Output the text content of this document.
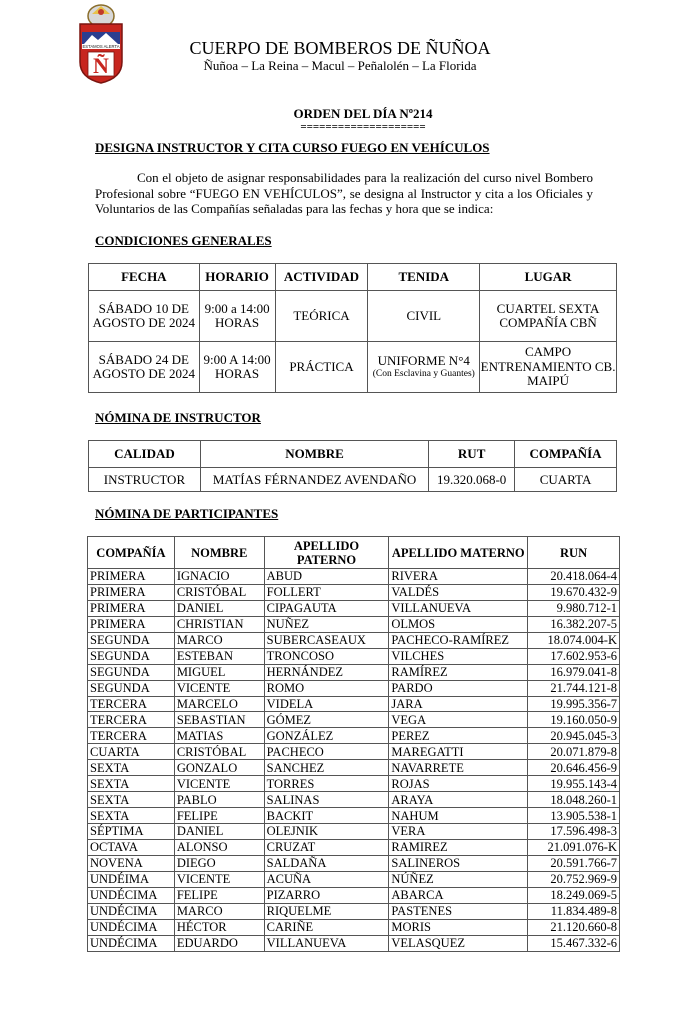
ESTAMOS ALERTA
Ñ
CUERPO DE BOMBEROS DE ÑUÑOA
Ñuñoa – La Reina – Macul – Peñalolén – La Florida
ORDEN DEL DÍA Nº214
====================
DESIGNA INSTRUCTOR Y CITA CURSO FUEGO EN VEHÍCULOS
Con el objeto de asignar responsabilidades para la realización del curso nivel Bombero Profesional sobre “FUEGO EN VEHÍCULOS”, se designa al Instructor y cita a los Oficiales y Voluntarios de las Compañías señaladas para las fechas y hora que se indica:
CONDICIONES GENERALES
FECHA	HORARIO	ACTIVIDAD	TENIDA	LUGAR
SÁBADO 10 DE AGOSTO DE 2024	9:00 a 14:00 HORAS	TEÓRICA	CIVIL	CUARTEL SEXTA COMPAÑÍA CBÑ
SÁBADO 24 DE AGOSTO DE 2024	9:00 A 14:00 HORAS	PRÁCTICA	UNIFORME N°4
(Con Esclavina y Guantes)	CAMPO ENTRENAMIENTO CB. MAIPÚ
NÓMINA DE INSTRUCTOR
CALIDAD	NOMBRE	RUT	COMPAÑÍA
INSTRUCTOR	MATÍAS FÉRNANDEZ AVENDAÑO	19.320.068-0	CUARTA
NÓMINA DE PARTICIPANTES
COMPAÑÍA	NOMBRE	APELLIDO PATERNO	APELLIDO MATERNO	RUN
PRIMERA	IGNACIO	ABUD	RIVERA	20.418.064-4
PRIMERA	CRISTÓBAL	FOLLERT	VALDÉS	19.670.432-9
PRIMERA	DANIEL	CIPAGAUTA	VILLANUEVA	9.980.712-1
PRIMERA	CHRISTIAN	NUÑEZ	OLMOS	16.382.207-5
SEGUNDA	MARCO	SUBERCASEAUX	PACHECO-RAMÍREZ	18.074.004-K
SEGUNDA	ESTEBAN	TRONCOSO	VILCHES	17.602.953-6
SEGUNDA	MIGUEL	HERNÁNDEZ	RAMÍREZ	16.979.041-8
SEGUNDA	VICENTE	ROMO	PARDO	21.744.121-8
TERCERA	MARCELO	VIDELA	JARA	19.995.356-7
TERCERA	SEBASTIAN	GÓMEZ	VEGA	19.160.050-9
TERCERA	MATIAS	GONZÁLEZ	PEREZ	20.945.045-3
CUARTA	CRISTÓBAL	PACHECO	MAREGATTI	20.071.879-8
SEXTA	GONZALO	SANCHEZ	NAVARRETE	20.646.456-9
SEXTA	VICENTE	TORRES	ROJAS	19.955.143-4
SEXTA	PABLO	SALINAS	ARAYA	18.048.260-1
SEXTA	FELIPE	BACKIT	NAHUM	13.905.538-1
SÉPTIMA	DANIEL	OLEJNIK	VERA	17.596.498-3
OCTAVA	ALONSO	CRUZAT	RAMIREZ	21.091.076-K
NOVENA	DIEGO	SALDAÑA	SALINEROS	20.591.766-7
UNDÉIMA	VICENTE	ACUÑA	NÚÑEZ	20.752.969-9
UNDÉCIMA	FELIPE	PIZARRO	ABARCA	18.249.069-5
UNDÉCIMA	MARCO	RIQUELME	PASTENES	11.834.489-8
UNDÉCIMA	HÉCTOR	CARIÑE	MORIS	21.120.660-8
UNDÉCIMA	EDUARDO	VILLANUEVA	VELASQUEZ	15.467.332-6
